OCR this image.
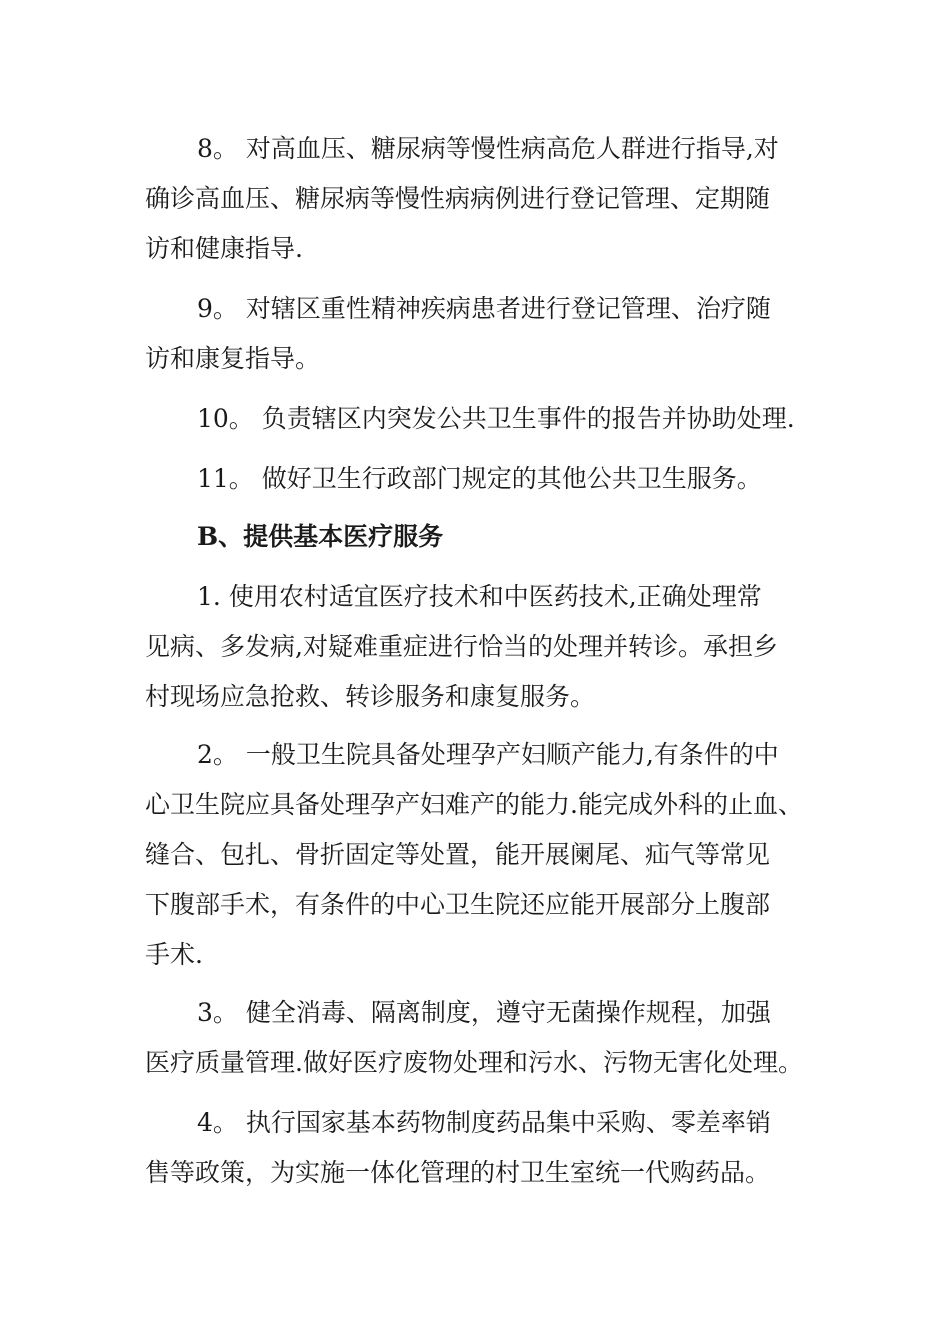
8。 对高血压、糖尿病等慢性病高危人群进行指导,对
确诊高血压、糖尿病等慢性病病例进行登记管理、定期随
访和健康指导.
9。 对辖区重性精神疾病患者进行登记管理、治疗随
访和康复指导。
10。 负责辖区内突发公共卫生事件的报告并协助处理.
11。 做好卫生行政部门规定的其他公共卫生服务。
B、提供基本医疗服务
1. 使用农村适宜医疗技术和中医药技术,正确处理常
见病、多发病,对疑难重症进行恰当的处理并转诊。承担乡
村现场应急抢救、转诊服务和康复服务。
2。 一般卫生院具备处理孕产妇顺产能力,有条件的中
心卫生院应具备处理孕产妇难产的能力.能完成外科的止血、
缝合、包扎、骨折固定等处置，能开展阑尾、疝气等常见
下腹部手术，有条件的中心卫生院还应能开展部分上腹部
手术.
3。 健全消毒、隔离制度，遵守无菌操作规程，加强
医疗质量管理.做好医疗废物处理和污水、污物无害化处理。
4。 执行国家基本药物制度药品集中采购、零差率销
售等政策，为实施一体化管理的村卫生室统一代购药品。
